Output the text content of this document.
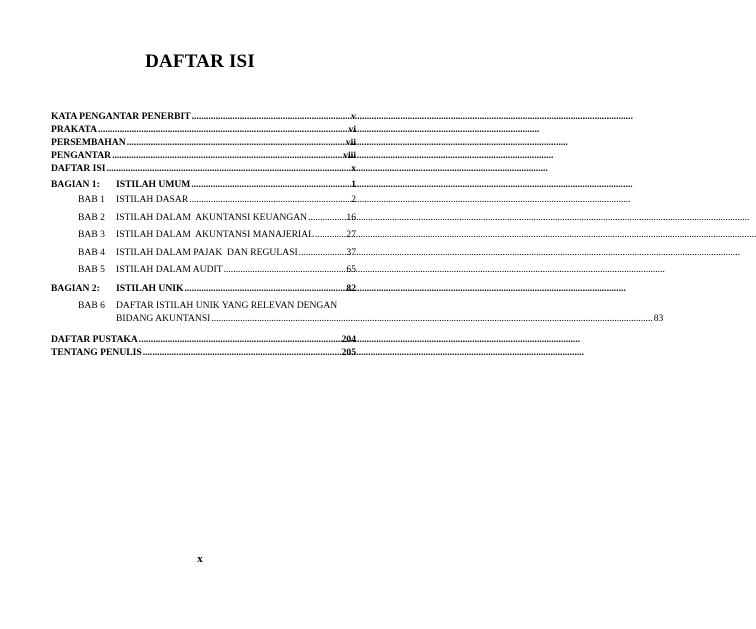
DAFTAR ISI
KATA PENGANTAR PENERBIT .....	v
PRAKATA .....	vi
PERSEMBAHAN .....	vii
PENGANTAR .....	viii
DAFTAR ISI .....	x
BAGIAN 1: ISTILAH UMUM .....	1
BAB 1 ISTILAH DASAR .....	2
BAB 2 ISTILAH DALAM  AKUNTANSI KEUANGAN .....	16
BAB 3 ISTILAH DALAM  AKUNTANSI MANAJERIAL .....	27
BAB 4 ISTILAH DALAM PAJAK  DAN REGULASI .....	37
BAB 5 ISTILAH DALAM AUDIT .....	65
BAGIAN 2: ISTILAH UNIK .....	82
BAB 6	DAFTAR ISTILAH UNIK YANG RELEVAN DENGAN
BIDANG AKUNTANSI .....	83
DAFTAR PUSTAKA .....	204
TENTANG PENULIS .....	205
x
